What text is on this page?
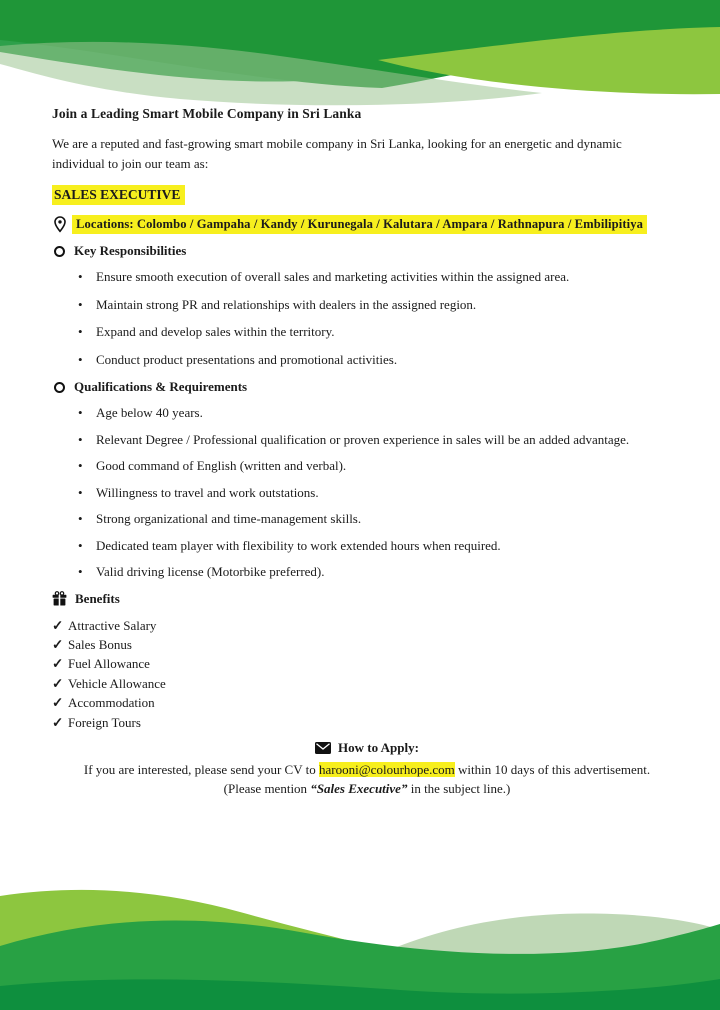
Join a Leading Smart Mobile Company in Sri Lanka

We are a reputed and fast-growing smart mobile company in Sri Lanka, looking for an energetic and dynamic individual to join our team as:

SALES EXECUTIVE
Locations: Colombo / Gampaha / Kandy / Kurunegala / Kalutara / Ampara / Rathnapura / Embilipitiya
Key Responsibilities
•	Ensure smooth execution of overall sales and marketing activities within the assigned area.
•	Maintain strong PR and relationships with dealers in the assigned region.
•	Expand and develop sales within the territory.
•	Conduct product presentations and promotional activities.
Qualifications & Requirements
•	Age below 40 years.
•	Relevant Degree / Professional qualification or proven experience in sales will be an added advantage.
•	Good command of English (written and verbal).
•	Willingness to travel and work outstations.
•	Strong organizational and time-management skills.
•	Dedicated team player with flexibility to work extended hours when required.
•	Valid driving license (Motorbike preferred).
Benefits
✓ Attractive Salary
✓ Sales Bonus
✓ Fuel Allowance
✓ Vehicle Allowance
✓ Accommodation
✓ Foreign Tours
How to Apply:
If you are interested, please send your CV to harooni@colourhope.com within 10 days of this advertisement.
(Please mention “Sales Executive” in the subject line.)
